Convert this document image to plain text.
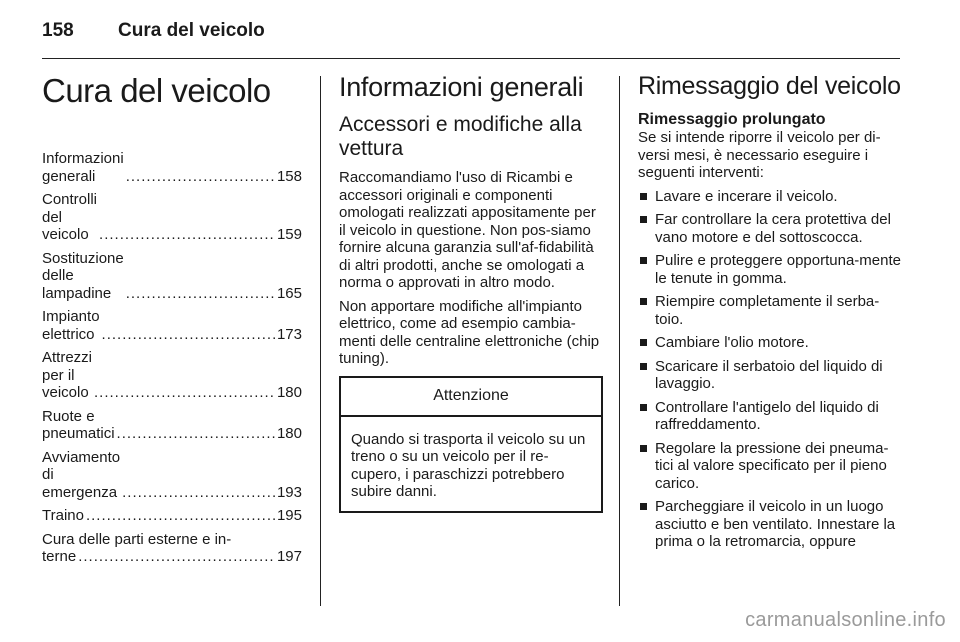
158 Cura del veicolo
Cura del veicolo
Informazioni generali .....	158
Controlli del veicolo .....	159
Sostituzione delle lampadine .....	165
Impianto elettrico .....	173
Attrezzi per il veicolo .....	180
Ruote e pneumatici .....	180
Avviamento di emergenza .....	193
Traino .....	195
Cura delle parti esterne e in-
terne .....	197
Informazioni generali
Accessori e modifiche alla vettura

Raccomandiamo l'uso di Ricambi e accessori originali e componenti omologati realizzati appositamente per il veicolo in questione. Non pos-siamo fornire alcuna garanzia sull'af-fidabilità di altri prodotti, anche se omologati a norma o approvati in altro modo.

Non apportare modifiche all'impianto elettrico, come ad esempio cambia-menti delle centraline elettroniche (chip tuning).

Attenzione
Quando si trasporta il veicolo su un treno o su un veicolo per il re-cupero, i paraschizzi potrebbero subire danni.
Rimessaggio del veicolo
Rimessaggio prolungato

Se si intende riporre il veicolo per di-versi mesi, è necessario eseguire i seguenti interventi:

Lavare e incerare il veicolo.
Far controllare la cera protettiva del vano motore e del sottoscocca.
Pulire e proteggere opportuna-mente le tenute in gomma.
Riempire completamente il serba-toio.
Cambiare l'olio motore.
Scaricare il serbatoio del liquido di lavaggio.
Controllare l'antigelo del liquido di raffreddamento.
Regolare la pressione dei pneuma-tici al valore specificato per il pieno carico.
Parcheggiare il veicolo in un luogo asciutto e ben ventilato. Innestare la prima o la retromarcia, oppure
carmanualsonline.info
